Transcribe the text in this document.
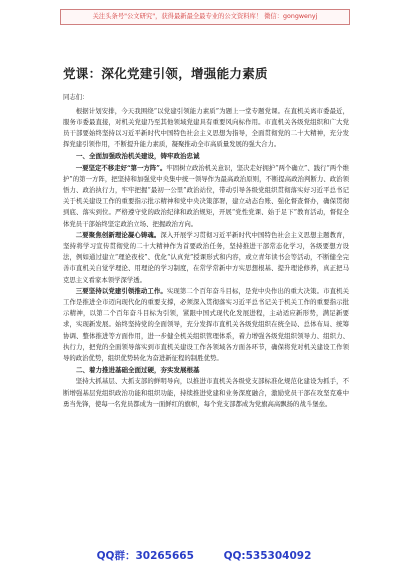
关注头条号"公文研究"，获得最新最全最专业的公文资料库！ 微信：gongwenyj
党课：深化党建引领，增强能力素质

同志们：

根据计划安排，今天我围绕“以党建引领能力素质”为题上一堂专题党课。在直机关离市委最近，服务市委最直接，对机关党建乃至其他领域党建具有重要风向标作用。市直机关各级党组织和广大党员干部要始终坚持以习近平新时代中国特色社会主义思想为指导，全面贯彻党的二十大精神，充分发挥党建引领作用，不断提升能力素质，凝聚推动全市高质量发展的强大合力。

一、全面加强政治机关建设，铸牢政治忠诚

一要坚定不移走好“第一方阵”。牢固树立政治机关意识，坚决走好拥护“两个确立”、践行“两个维护”的第一方阵，把坚持和加强党中央集中统一领导作为最高政治原则，不断提高政治判断力、政治领悟力、政治执行力，牢牢把握“最初一公里”政治站位，带动引导各级党组织贯彻落实好习近平总书记关于机关建设工作的重要指示批示精神和党中央决策部署，建立动态台账、强化督查督办，确保贯彻到底、落实到位。严格遵守党的政治纪律和政治规矩，开展“党性党课、始于足下”教育活动，督促全体党员干部始终坚定政治立场、把握政治方向。

二要聚焦创新理论凝心铸魂。深入开展学习贯彻习近平新时代中国特色社会主义思想主题教育，坚持将学习宣传贯彻党的二十大精神作为首要政治任务，坚持推进干部常态化学习，各级要想方设法，例如通过建立“理论夜校”、优化“认真党”授课形式和内容，或立青年读书会等活动，不断健全完善市直机关自觉学理论、用理论的学习制度，在常学常新中方实思想根基、提升理论修养，真正把马克思主义看家本领学深学透。

三要坚持以党建引领推动工作。实现第二个百年奋斗目标，是党中央作出的重大决策。市直机关工作是推进全市迈向现代化的重要支撑，必须深入贯彻落实习近平总书记关于机关工作的重要指示批示精神，以第二个百年奋斗目标为引领，紧跟中国式现代化发展进程，主动适应新形势，满足新要求，实现新发展。始终坚持党的全面领导，充分发挥市直机关各级党组织在统全局、总体布局、统筹协调、整体推进等方面作用，进一步健全机关组织管理体系，着力增强各级党组织领导力、组织力、执行力，把党的全面领导落实到市直机关建设工作各领域各方面各环节，确保将党对机关建设工作领导的政治优势，组织优势转化为奋进新征程的制胜优势。

二、着力推进基础全面过硬，夯实发展根基

坚持大抓基层、大抓支部的鲜明导向，以推进市直机关各级党支部标准化规范化建设为抓手，不断增强基层党组织政治功能和组织功能，持续推进党建和业务深度融合，激励党员干部在攻坚克难中勇当先锋，使每一名党员都成为一面鲜红的旗帜，每个党支部都成为党旗高高飘扬的战斗堡垒。

QQ群：30265665	QQ:535304092
